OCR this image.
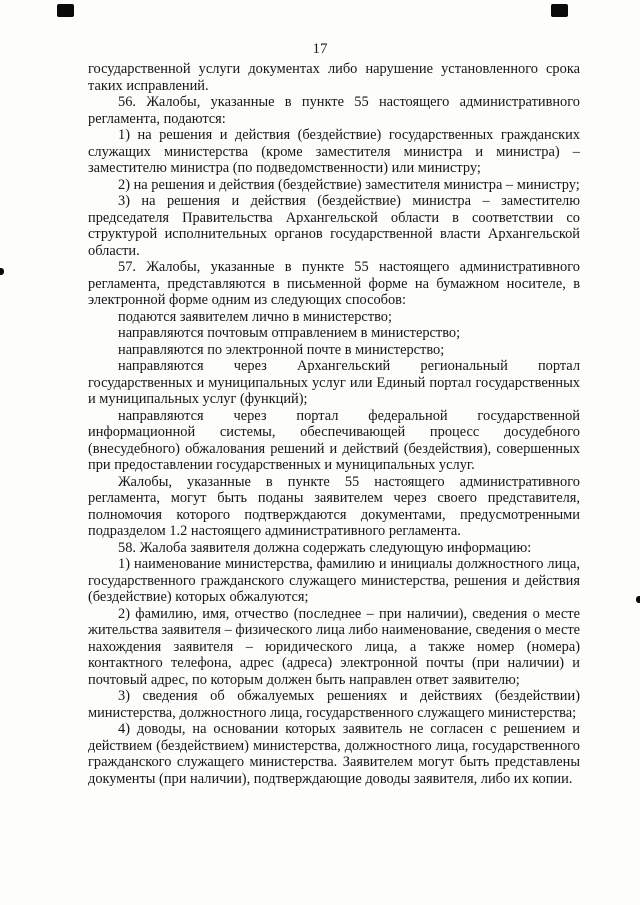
17

государственной услуги документах либо нарушение установленного срока таких исправлений.

56. Жалобы, указанные в пункте 55 настоящего административного регламента, подаются:

1) на решения и действия (бездействие) государственных гражданских служащих министерства (кроме заместителя министра и министра) – заместителю министра (по подведомственности) или министру;

2) на решения и действия (бездействие) заместителя министра – министру;

3) на решения и действия (бездействие) министра – заместителю председателя Правительства Архангельской области в соответствии со структурой исполнительных органов государственной власти Архангельской области.

57. Жалобы, указанные в пункте 55 настоящего административного регламента, представляются в письменной форме на бумажном носителе, в электронной форме одним из следующих способов:

подаются заявителем лично в министерство;

направляются почтовым отправлением в министерство;

направляются по электронной почте в министерство;

направляются через Архангельский региональный портал государственных и муниципальных услуг или Единый портал государственных и муниципальных услуг (функций);

направляются через портал федеральной государственной информационной системы, обеспечивающей процесс досудебного (внесудебного) обжалования решений и действий (бездействия), совершенных при предоставлении государственных и муниципальных услуг.

Жалобы, указанные в пункте 55 настоящего административного регламента, могут быть поданы заявителем через своего представителя, полномочия которого подтверждаются документами, предусмотренными подразделом 1.2 настоящего административного регламента.

58. Жалоба заявителя должна содержать следующую информацию:

1) наименование министерства, фамилию и инициалы должностного лица, государственного гражданского служащего министерства, решения и действия (бездействие) которых обжалуются;

2) фамилию, имя, отчество (последнее – при наличии), сведения о месте жительства заявителя – физического лица либо наименование, сведения о месте нахождения заявителя – юридического лица, а также номер (номера) контактного телефона, адрес (адреса) электронной почты (при наличии) и почтовый адрес, по которым должен быть направлен ответ заявителю;

3) сведения об обжалуемых решениях и действиях (бездействии) министерства, должностного лица, государственного служащего министерства;

4) доводы, на основании которых заявитель не согласен с решением и действием (бездействием) министерства, должностного лица, государственного гражданского служащего министерства. Заявителем могут быть представлены документы (при наличии), подтверждающие доводы заявителя, либо их копии.
